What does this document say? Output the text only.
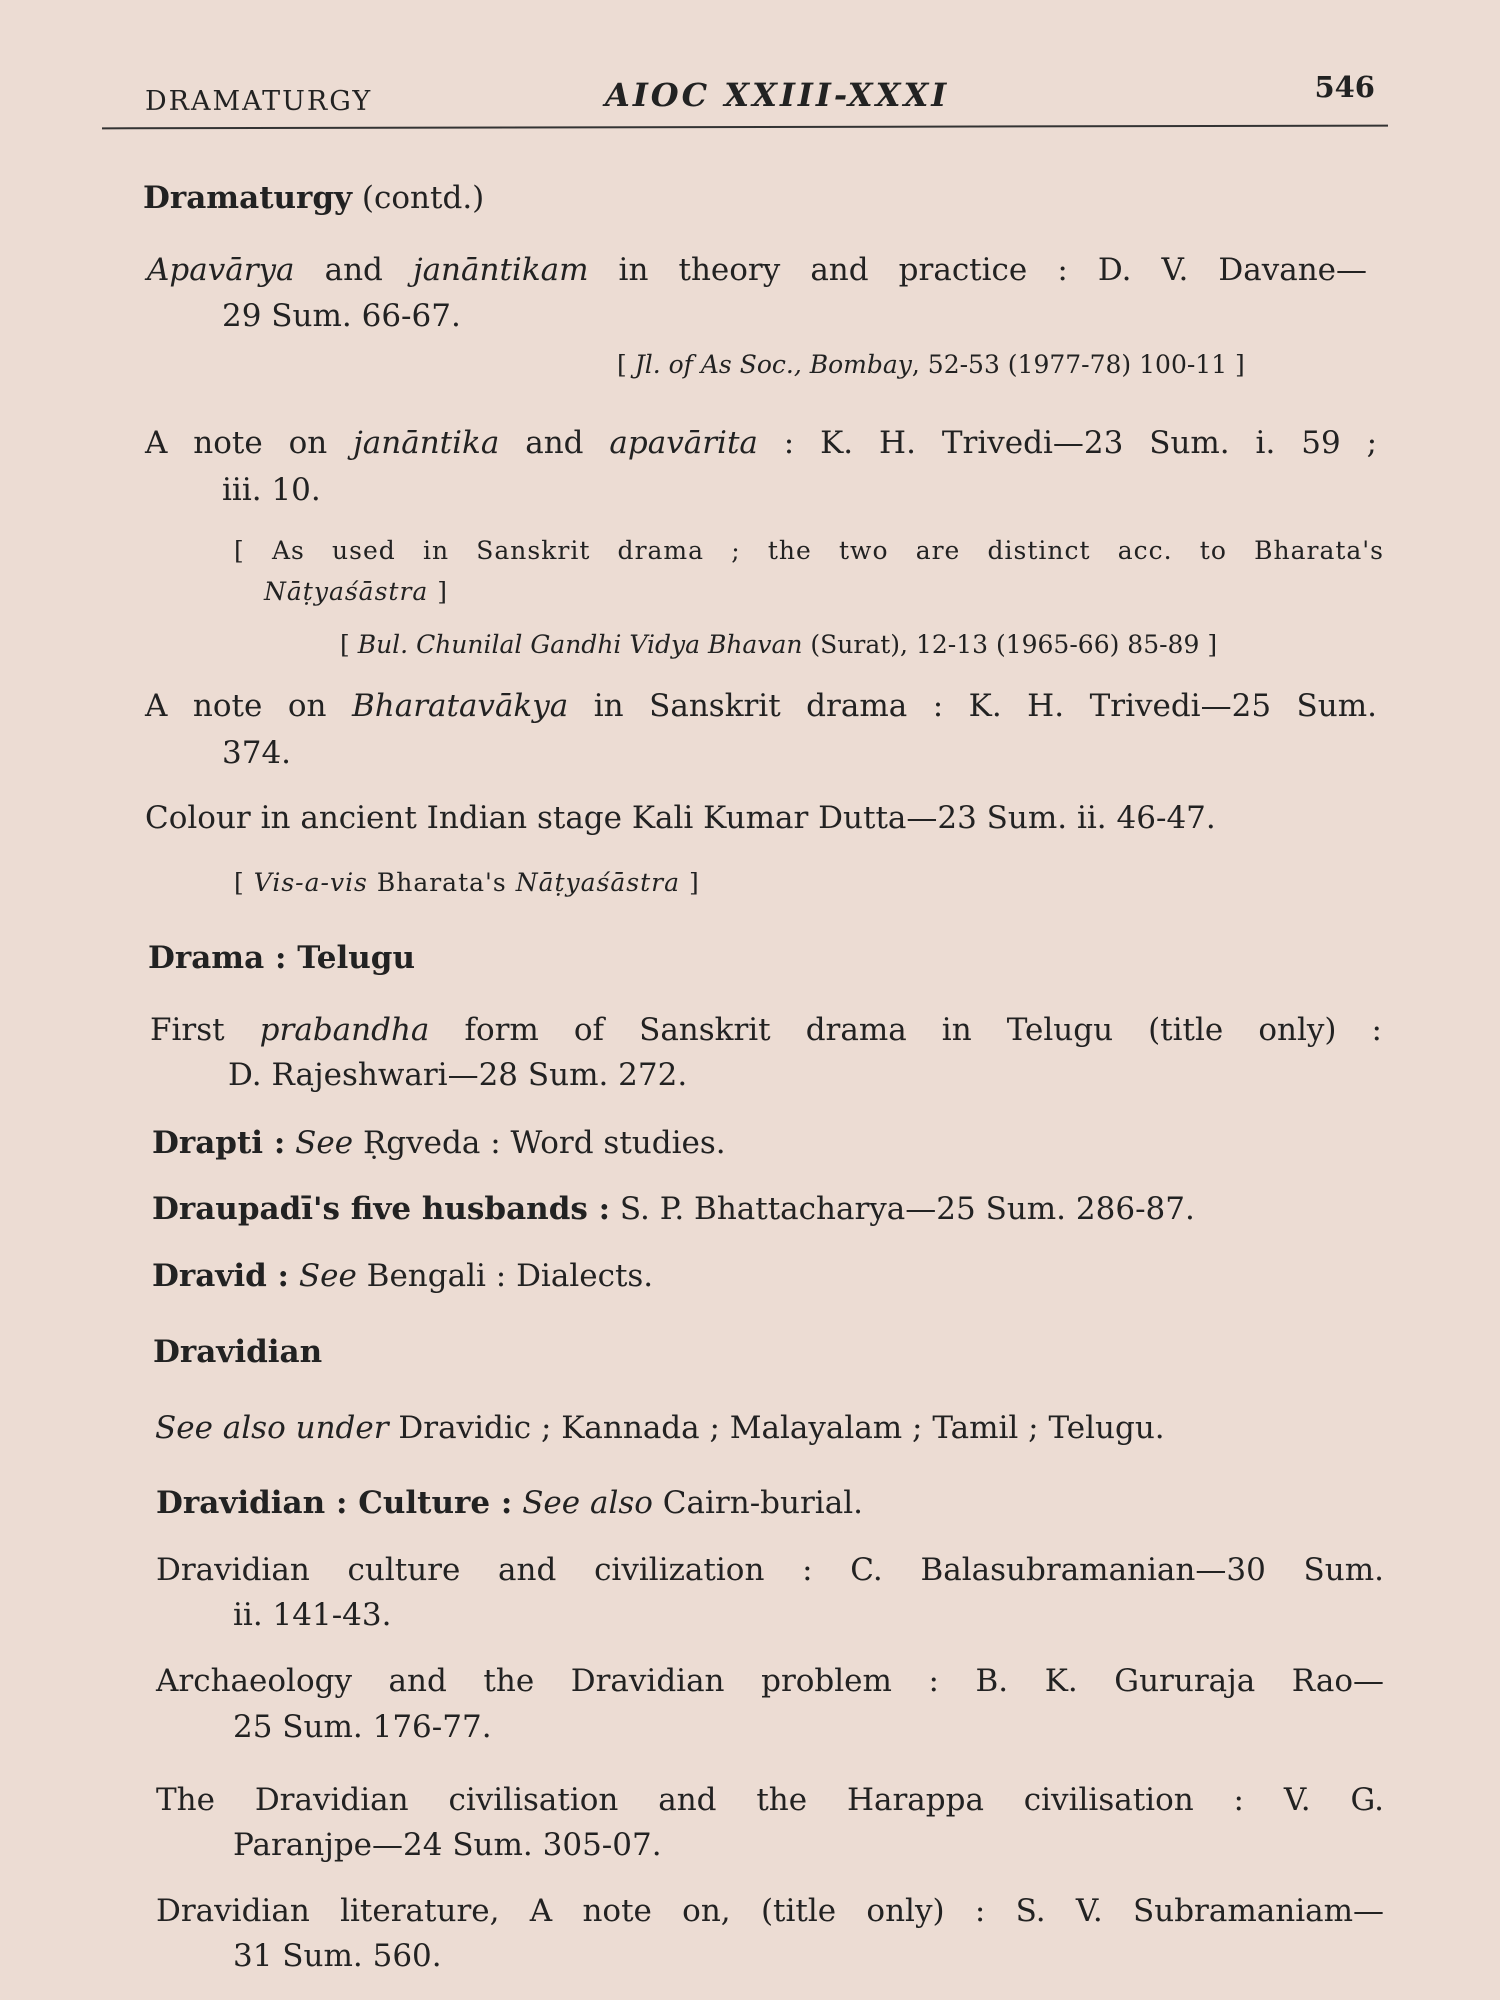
DRAMATURGY	AIOC XXIII-XXXI	546
Dramaturgy (contd.)
Apavārya and janāntikam in theory and practice : D. V. Davane—
29 Sum. 66-67.
[ Jl. of As Soc., Bombay, 52-53 (1977-78) 100-11 ]
A note on janāntika and apavārita : K. H. Trivedi—23 Sum. i. 59 ;
iii. 10.
[ As used in Sanskrit drama ; the two are distinct acc. to Bharata's
Nāṭyaśāstra ]
[ Bul. Chunilal Gandhi Vidya Bhavan (Surat), 12-13 (1965-66) 85-89 ]
A note on Bharatavākya in Sanskrit drama : K. H. Trivedi—25 Sum.
374.
Colour in ancient Indian stage Kali Kumar Dutta—23 Sum. ii. 46-47.
[ Vis-a-vis Bharata's Nāṭyaśāstra ]
Drama : Telugu
First prabandha form of Sanskrit drama in Telugu (title only) :
D. Rajeshwari—28 Sum. 272.
Drapti : See Ṛgveda : Word studies.
Draupadī's five husbands : S. P. Bhattacharya—25 Sum. 286-87.
Dravid : See Bengali : Dialects.
Dravidian
See also under Dravidic ; Kannada ; Malayalam ; Tamil ; Telugu.
Dravidian : Culture : See also Cairn-burial.
Dravidian culture and civilization : C. Balasubramanian—30 Sum.
ii. 141-43.
Archaeology and the Dravidian problem : B. K. Gururaja Rao—
25 Sum. 176-77.
The Dravidian civilisation and the Harappa civilisation : V. G.
Paranjpe—24 Sum. 305-07.
Dravidian literature, A note on, (title only) : S. V. Subramaniam—
31 Sum. 560.
